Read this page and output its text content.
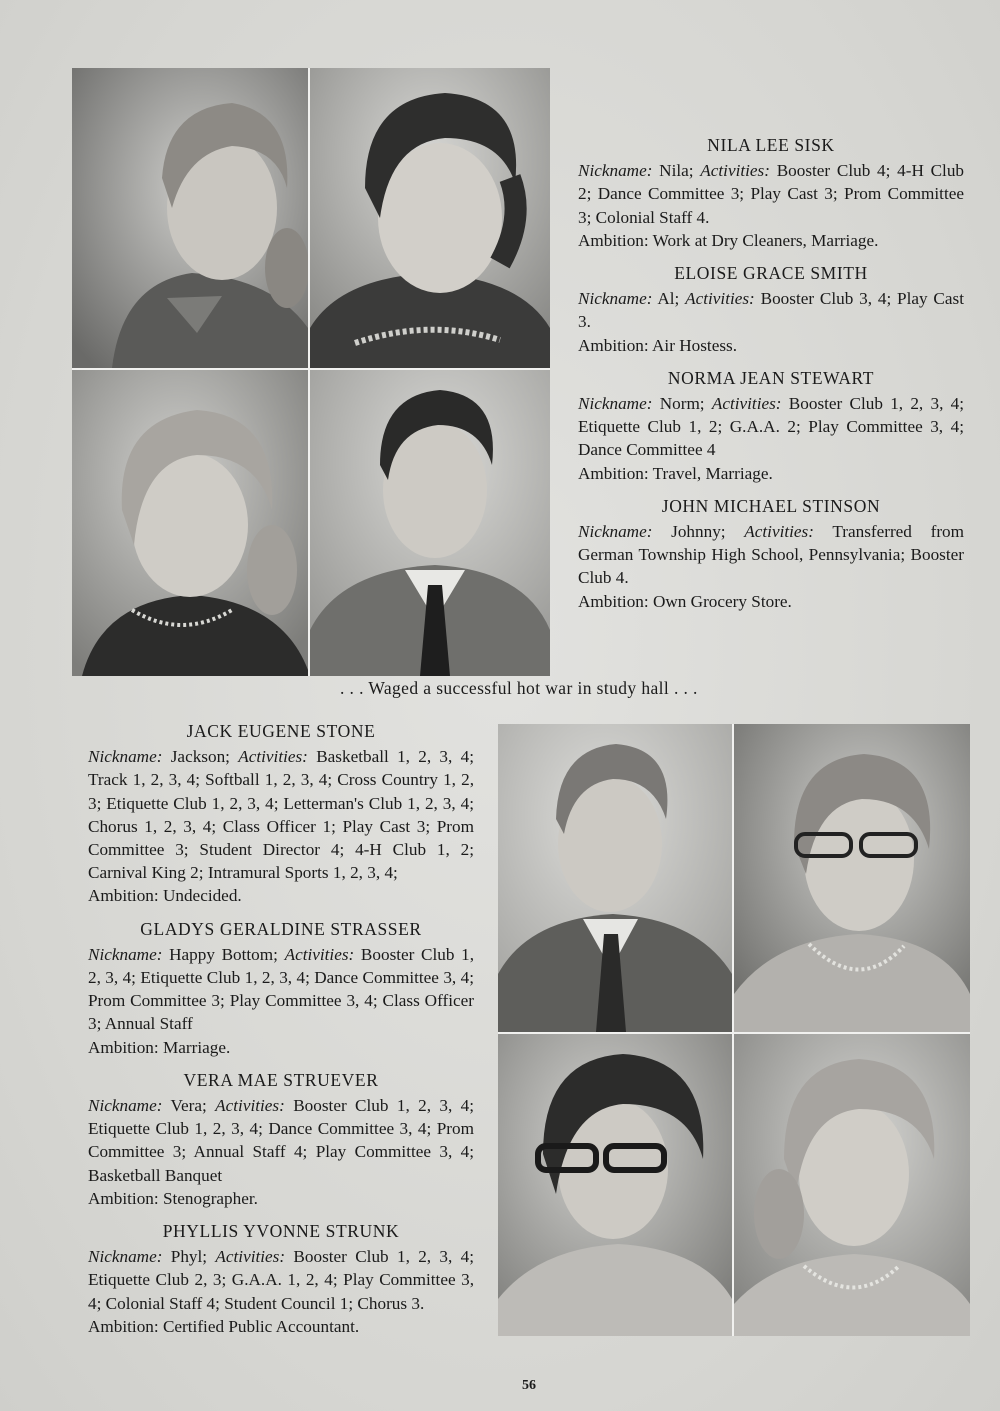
NILA LEE SISK
Nickname: Nila; Activities: Booster Club 4; 4-H Club 2; Dance Committee 3; Play Cast 3; Prom Committee 3; Colonial Staff 4.
Ambition: Work at Dry Cleaners, Marriage.
ELOISE GRACE SMITH
Nickname: Al; Activities: Booster Club 3, 4; Play Cast 3.
Ambition: Air Hostess.
NORMA JEAN STEWART
Nickname: Norm; Activities: Booster Club 1, 2, 3, 4; Etiquette Club 1, 2; G.A.A. 2; Play Committee 3, 4; Dance Committee 4
Ambition: Travel, Marriage.
JOHN MICHAEL STINSON
Nickname: Johnny; Activities: Transferred from German Township High School, Pennsylvania; Booster Club 4.
Ambition: Own Grocery Store.
. . . Waged a successful hot war in study hall . . .
JACK EUGENE STONE
Nickname: Jackson; Activities: Basketball 1, 2, 3, 4; Track 1, 2, 3, 4; Softball 1, 2, 3, 4; Cross Country 1, 2, 3; Etiquette Club 1, 2, 3, 4; Letterman's Club 1, 2, 3, 4; Chorus 1, 2, 3, 4; Class Officer 1; Play Cast 3; Prom Committee 3; Student Director 4; 4-H Club 1, 2; Carnival King 2; Intramural Sports 1, 2, 3, 4;
Ambition: Undecided.
GLADYS GERALDINE STRASSER
Nickname: Happy Bottom; Activities: Booster Club 1, 2, 3, 4; Etiquette Club 1, 2, 3, 4; Dance Committee 3, 4; Prom Committee 3; Play Committee 3, 4; Class Officer 3; Annual Staff
Ambition: Marriage.
VERA MAE STRUEVER
Nickname: Vera; Activities: Booster Club 1, 2, 3, 4; Etiquette Club 1, 2, 3, 4; Dance Committee 3, 4; Prom Committee 3; Annual Staff 4; Play Committee 3, 4; Basketball Banquet
Ambition: Stenographer.
PHYLLIS YVONNE STRUNK
Nickname: Phyl; Activities: Booster Club 1, 2, 3, 4; Etiquette Club 2, 3; G.A.A. 1, 2, 4; Play Committee 3, 4; Colonial Staff 4; Student Council 1; Chorus 3.
Ambition: Certified Public Accountant.
56
